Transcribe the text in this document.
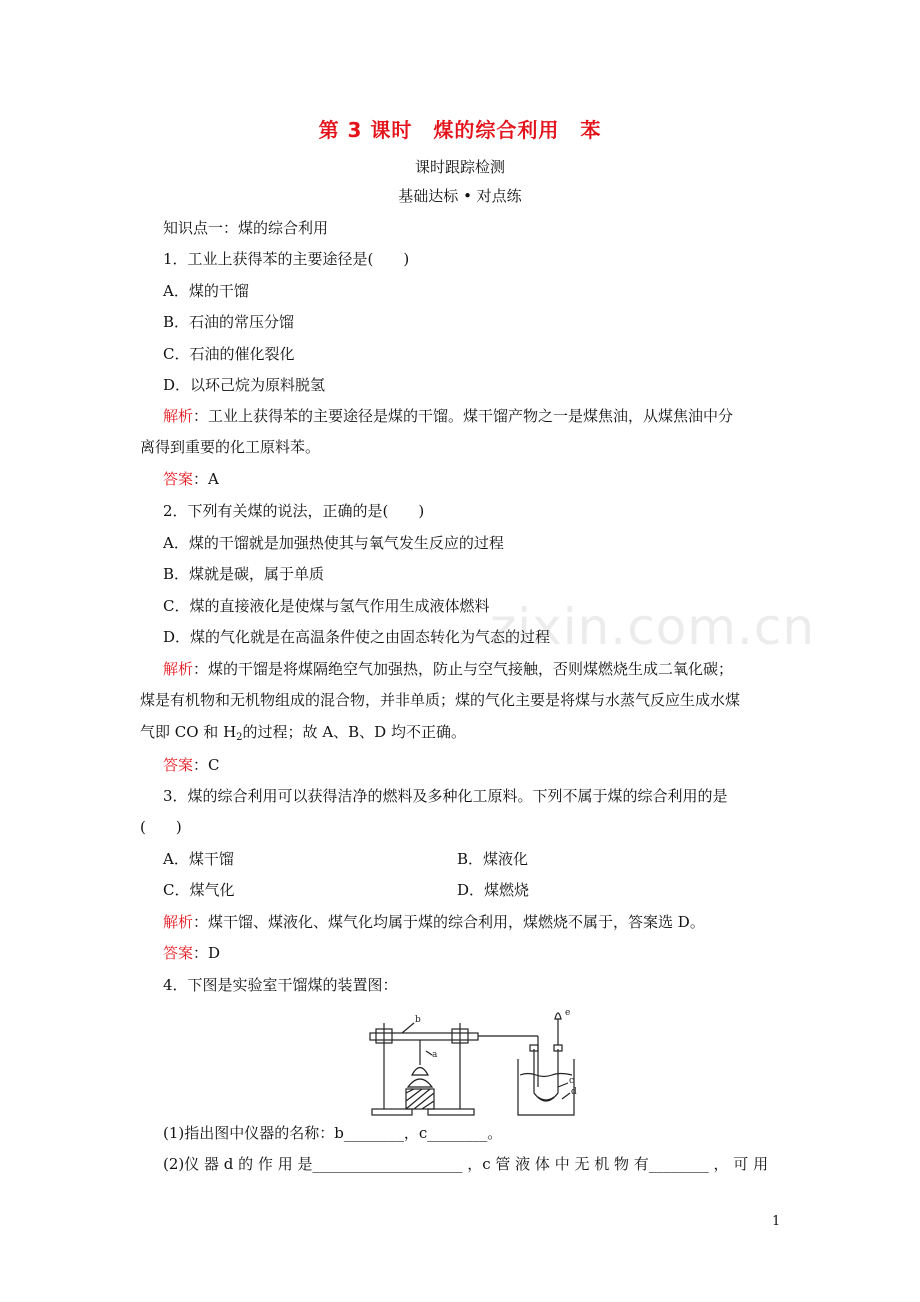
第 3 课时　煤的综合利用　苯
课时跟踪检测
基础达标 • 对点练
zixin.com.cn
知识点一：煤的综合利用
1．工业上获得苯的主要途径是(　　)
A．煤的干馏
B．石油的常压分馏
C．石油的催化裂化
D．以环己烷为原料脱氢
解析：工业上获得苯的主要途径是煤的干馏。煤干馏产物之一是煤焦油，从煤焦油中分
离得到重要的化工原料苯。
答案：A
2．下列有关煤的说法，正确的是(　　)
A．煤的干馏就是加强热使其与氧气发生反应的过程
B．煤就是碳，属于单质
C．煤的直接液化是使煤与氢气作用生成液体燃料
D．煤的气化就是在高温条件使之由固态转化为气态的过程
解析：煤的干馏是将煤隔绝空气加强热，防止与空气接触，否则煤燃烧生成二氧化碳；
煤是有机物和无机物组成的混合物，并非单质；煤的气化主要是将煤与水蒸气反应生成水煤
气即 CO 和 $H_2$的过程；故 A、B、D 均不正确。
答案：C
3．煤的综合利用可以获得洁净的燃料及多种化工原料。下列不属于煤的综合利用的是
(　　)
A．煤干馏	B．煤液化
C．煤气化	D．煤燃烧
解析：煤干馏、煤液化、煤气化均属于煤的综合利用，煤燃烧不属于，答案选 D。
答案：D
4．下图是实验室干馏煤的装置图：
b
a
c
d
e
(1)指出图中仪器的名称：b________，c________。
(2)仪 器 d 的 作 用 是____________________ ，c 管 液 体 中 无 机 物 有________ ， 可 用
1
